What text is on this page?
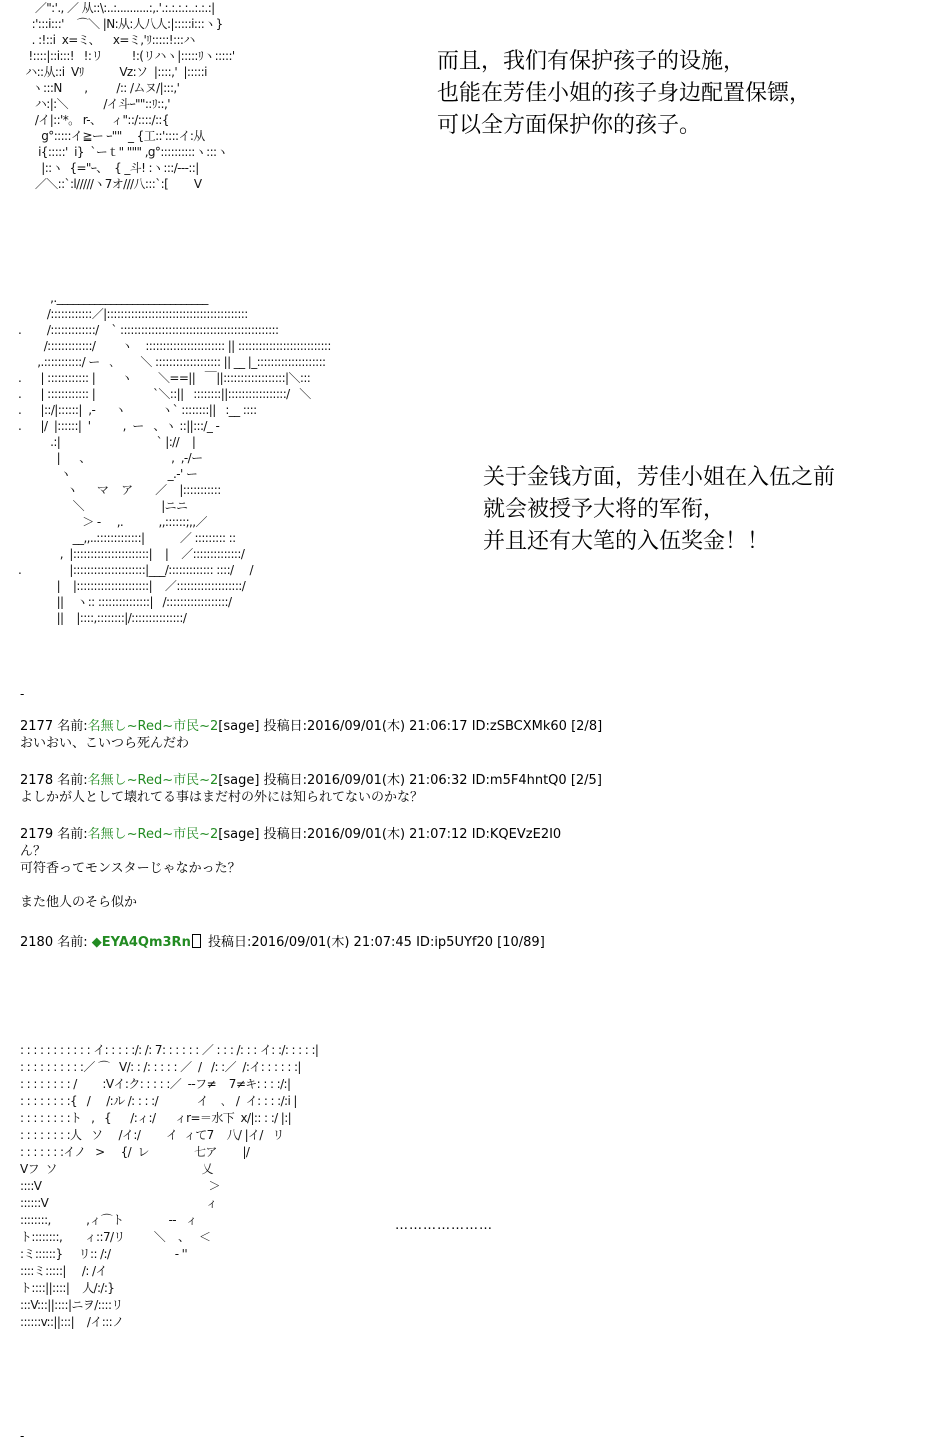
／":'., ／ 从::\:..:..........:,.'.:.:.:.:..:.:.:|
:':::i:::'    ⌒＼ |N:从:人八人:|:::::i:::ヽ}
. :!::i  x=ミ、    x=ミ,'ﾘ:::::!:::ハ
!::::|::i:::!   !:リ         !:(リハヽ|:::::ﾘヽ:::::'
ハ::从::i  Vﾘ           Vz:ソ  |::::,'  |:::::i
ヽ:::N       ,         /:: /ムヌ/|:::,'
ハ:|:＼           /イ斗ｰ""::ﾘ::,'
/イ|::'*。 r-、   ィ"::/::::/::{
g°:::::イ≧ー ｰ""  _ {工::'::::イ:从
i{:::::'  i}  `ーｔ" """ ,g°::::::::::ヽ:::ヽ
|::ヽ  {="ｰ、  { _斗! :ヽ:::/‐‐‐::|
／＼::`:l/////ヽ7オ///八:::`:[        V
而且，我们有保护孩子的设施，
也能在芳佳小姐的孩子身边配置保镖，
可以全方面保护你的孩子。
,.____________________________
/::::::::::::／|:::::::::::::::::::::::::::::::::::::::::
.        /:::::::::::::/    ` ::::::::::::::::::::::::::::::::::::::::::::::
/:::::::::::::/        ヽ    ::::::::::::::::::::::: || :::::::::::::::::::::::::::
,.:::::::::::/ ー   ､        ＼ ::::::::::::::::::: || __ |_::::::::::::::::::::
.      | :::::::::::: |        ヽ        ＼==||   ￣||::::::::::::::::::|＼:::
.      | :::::::::::: |                  `＼::||   ::::::::||:::::::::::::::::/   ＼
.      |::/|::::::|  ,-      ヽ           ヽ` ::::::::||   :__ ::::
.      |/  |::::::|  '          ,  ー   、ヽ ::||:::/_ -
.:|                              ` |://    |
|      、                         ,  ,-/ー
ヽ                              _.-' ー
ヽ      マ    ア       ／    |:::::::::::
＼                        |ニニ
＞ -     ,.           ,,::::::;,,／
__,,..:::::::::::::|           ／ ::::::::: ::
,  |::::::::::::::::::::::|    |    ／::::::::::::::/
.               |:::::::::::::::::::::|___/::::::::::::: ::::/     /
|    |:::::::::::::::::::::|    ／:::::::::::::::::::/
||    ヽ:: :::::::::::::::|   /::::::::::::::::::/
||    |::::,::::::::|/:::::::::::::::/
关于金钱方面，芳佳小姐在入伍之前
就会被授予大将的军衔，
并且还有大笔的入伍奖金！！
-
2177 名前:名無し~Red~市民~2[sage] 投稿日:2016/09/01(木) 21:06:17 ID:zSBCXMk60 [2/8]
おいおい、こいつら死んだわ
2178 名前:名無し~Red~市民~2[sage] 投稿日:2016/09/01(木) 21:06:32 ID:m5F4hntQ0 [2/5]
よしかが人として壊れてる事はまだ村の外には知られてないのかな？
2179 名前:名無し~Red~市民~2[sage] 投稿日:2016/09/01(木) 21:07:12 ID:KQEVzE2I0
ん？
可符香ってモンスターじゃなかった？
また他人のそら似か
2180 名前: ◆EYA4Qm3Rn 投稿日:2016/09/01(木) 21:07:45 ID:ip5UYf20 [10/89]
: : : : : : : : : : : イ: : : : :/: /: 7: : : : : : ／ : : : /: : : イ: :/: : : : :|
: : : : : : : : : :／ ⌒   V/: : /: : : : : ／  /   /: :／  /:イ: : : : : :|
: : : : : : : : /        :Vイ:ク: : : : :／  ‐‐フ≠    7≠キ: : : :/:|
: : : : : : : :{   /     /:ル /: : : :/            イ    ､   /  イ: : : :/:i |
: : : : : : : :ト   ,   {      /:ィ:/      ィr=＝水下  x/|:: : :/ |:|
: : : : : : : :人   ソ     /イ:/        イ  ィて7    八/ |イ/   リ
: : : : : : :イノ   >     {/  レ              七ア        |/
Vフ  ソ                                             乂
::::V                                                    ＞
::::::V                                                 ィ
::::::::,           ,ィ⌒ト              ‐‐   ィ
ト::::::::,       ィ::7/リ         ＼    、   ＜
:ミ::::::}     リ:: /:/                    ‐ ''
::::ミ:::::|     /: /イ
ト::::||::::|    人/:/:}
:::V:::||::::|ニヲ/::::リ
::::::v::||:::|    /イ:::ノ
…………………
-
